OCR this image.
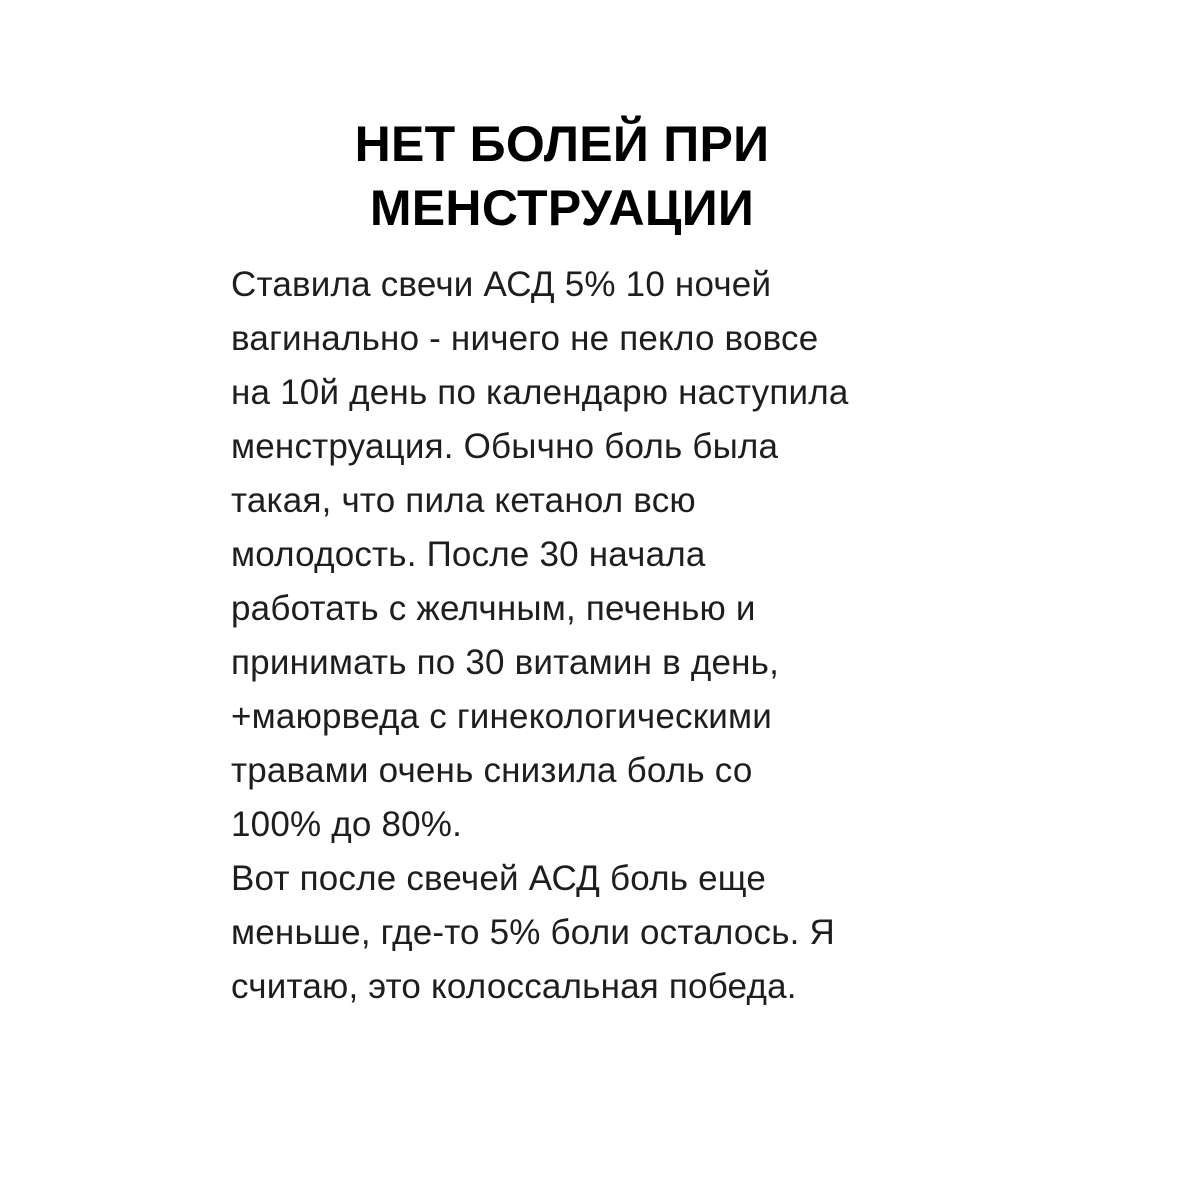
НЕТ БОЛЕЙ ПРИ
МЕНСТРУАЦИИ
Ставила свечи АСД 5% 10 ночей
вагинально - ничего не пекло вовсе
на 10й день по календарю наступила
менструация. Обычно боль была
такая, что пила кетанол всю
молодость. После 30 начала
работать с желчным, печенью и
принимать по 30 витамин в день,
+маюрведа с гинекологическими
травами очень снизила боль со
100% до 80%.
Вот после свечей АСД боль еще
меньше, где-то 5% боли осталось. Я
считаю, это колоссальная победа.
